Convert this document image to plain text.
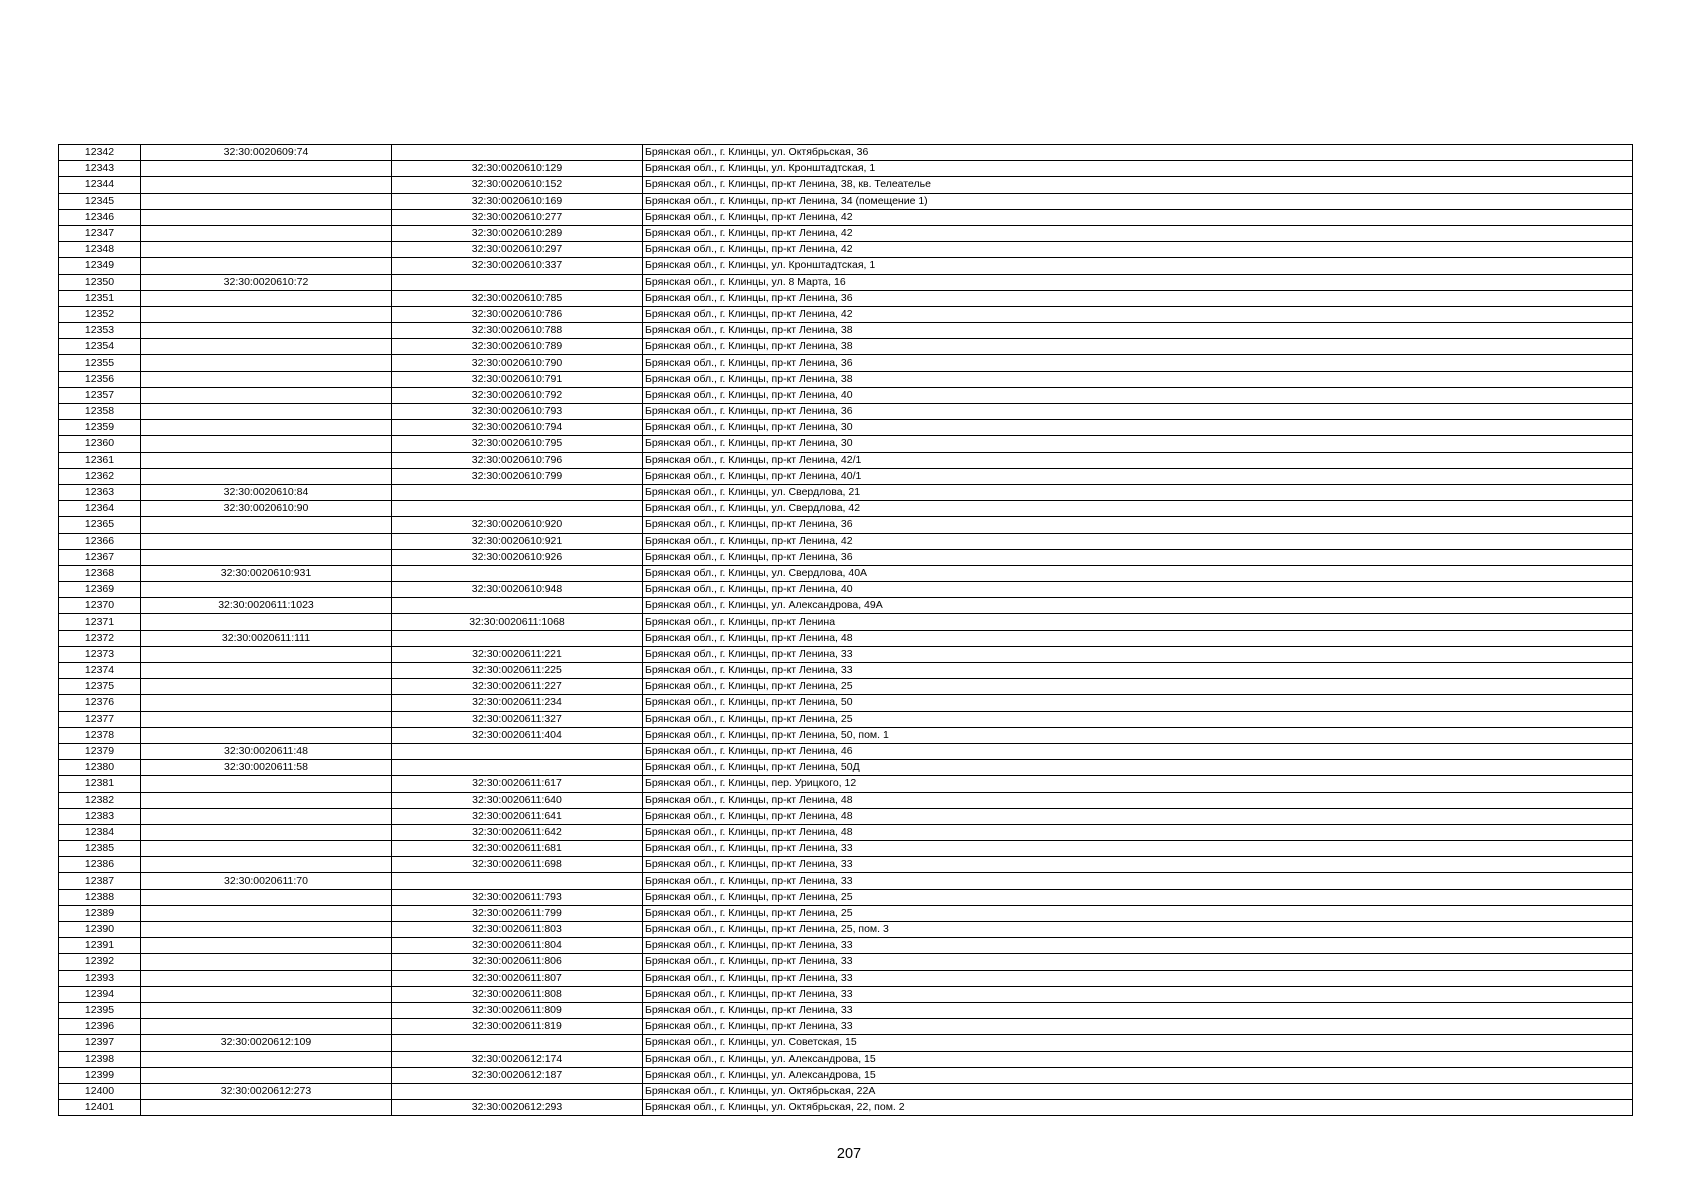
12342	32:30:0020609:74		Брянская обл., г. Клинцы, ул. Октябрьская, 36
12343		32:30:0020610:129	Брянская обл., г. Клинцы, ул. Кронштадтская, 1
12344		32:30:0020610:152	Брянская обл., г. Клинцы, пр-кт Ленина, 38, кв. Телеателье
12345		32:30:0020610:169	Брянская обл., г. Клинцы, пр-кт Ленина, 34 (помещение 1)
12346		32:30:0020610:277	Брянская обл., г. Клинцы, пр-кт Ленина, 42
12347		32:30:0020610:289	Брянская обл., г. Клинцы, пр-кт Ленина, 42
12348		32:30:0020610:297	Брянская обл., г. Клинцы, пр-кт Ленина, 42
12349		32:30:0020610:337	Брянская обл., г. Клинцы, ул. Кронштадтская, 1
12350	32:30:0020610:72		Брянская обл., г. Клинцы, ул. 8 Марта, 16
12351		32:30:0020610:785	Брянская обл., г. Клинцы, пр-кт Ленина, 36
12352		32:30:0020610:786	Брянская обл., г. Клинцы, пр-кт Ленина, 42
12353		32:30:0020610:788	Брянская обл., г. Клинцы, пр-кт Ленина, 38
12354		32:30:0020610:789	Брянская обл., г. Клинцы, пр-кт Ленина, 38
12355		32:30:0020610:790	Брянская обл., г. Клинцы, пр-кт Ленина, 36
12356		32:30:0020610:791	Брянская обл., г. Клинцы, пр-кт Ленина, 38
12357		32:30:0020610:792	Брянская обл., г. Клинцы, пр-кт Ленина, 40
12358		32:30:0020610:793	Брянская обл., г. Клинцы, пр-кт Ленина, 36
12359		32:30:0020610:794	Брянская обл., г. Клинцы, пр-кт Ленина, 30
12360		32:30:0020610:795	Брянская обл., г. Клинцы, пр-кт Ленина, 30
12361		32:30:0020610:796	Брянская обл., г. Клинцы, пр-кт Ленина, 42/1
12362		32:30:0020610:799	Брянская обл., г. Клинцы, пр-кт Ленина, 40/1
12363	32:30:0020610:84		Брянская обл., г. Клинцы, ул. Свердлова, 21
12364	32:30:0020610:90		Брянская обл., г. Клинцы, ул. Свердлова, 42
12365		32:30:0020610:920	Брянская обл., г. Клинцы, пр-кт Ленина, 36
12366		32:30:0020610:921	Брянская обл., г. Клинцы, пр-кт Ленина, 42
12367		32:30:0020610:926	Брянская обл., г. Клинцы, пр-кт Ленина, 36
12368	32:30:0020610:931		Брянская обл., г. Клинцы, ул. Свердлова, 40А
12369		32:30:0020610:948	Брянская обл., г. Клинцы, пр-кт Ленина, 40
12370	32:30:0020611:1023		Брянская обл., г. Клинцы, ул. Александрова, 49А
12371		32:30:0020611:1068	Брянская обл., г. Клинцы, пр-кт Ленина
12372	32:30:0020611:111		Брянская обл., г. Клинцы, пр-кт Ленина, 48
12373		32:30:0020611:221	Брянская обл., г. Клинцы, пр-кт Ленина, 33
12374		32:30:0020611:225	Брянская обл., г. Клинцы, пр-кт Ленина, 33
12375		32:30:0020611:227	Брянская обл., г. Клинцы, пр-кт Ленина, 25
12376		32:30:0020611:234	Брянская обл., г. Клинцы, пр-кт Ленина, 50
12377		32:30:0020611:327	Брянская обл., г. Клинцы, пр-кт Ленина, 25
12378		32:30:0020611:404	Брянская обл., г. Клинцы, пр-кт Ленина, 50, пом. 1
12379	32:30:0020611:48		Брянская обл., г. Клинцы, пр-кт Ленина, 46
12380	32:30:0020611:58		Брянская обл., г. Клинцы, пр-кт Ленина, 50Д
12381		32:30:0020611:617	Брянская обл., г. Клинцы, пер. Урицкого, 12
12382		32:30:0020611:640	Брянская обл., г. Клинцы, пр-кт Ленина, 48
12383		32:30:0020611:641	Брянская обл., г. Клинцы, пр-кт Ленина, 48
12384		32:30:0020611:642	Брянская обл., г. Клинцы, пр-кт Ленина, 48
12385		32:30:0020611:681	Брянская обл., г. Клинцы, пр-кт Ленина, 33
12386		32:30:0020611:698	Брянская обл., г. Клинцы, пр-кт Ленина, 33
12387	32:30:0020611:70		Брянская обл., г. Клинцы, пр-кт Ленина, 33
12388		32:30:0020611:793	Брянская обл., г. Клинцы, пр-кт Ленина, 25
12389		32:30:0020611:799	Брянская обл., г. Клинцы, пр-кт Ленина, 25
12390		32:30:0020611:803	Брянская обл., г. Клинцы, пр-кт Ленина, 25, пом. 3
12391		32:30:0020611:804	Брянская обл., г. Клинцы, пр-кт Ленина, 33
12392		32:30:0020611:806	Брянская обл., г. Клинцы, пр-кт Ленина, 33
12393		32:30:0020611:807	Брянская обл., г. Клинцы, пр-кт Ленина, 33
12394		32:30:0020611:808	Брянская обл., г. Клинцы, пр-кт Ленина, 33
12395		32:30:0020611:809	Брянская обл., г. Клинцы, пр-кт Ленина, 33
12396		32:30:0020611:819	Брянская обл., г. Клинцы, пр-кт Ленина, 33
12397	32:30:0020612:109		Брянская обл., г. Клинцы, ул. Советская, 15
12398		32:30:0020612:174	Брянская обл., г. Клинцы, ул. Александрова, 15
12399		32:30:0020612:187	Брянская обл., г. Клинцы, ул. Александрова, 15
12400	32:30:0020612:273		Брянская обл., г. Клинцы, ул. Октябрьская, 22А
12401		32:30:0020612:293	Брянская обл., г. Клинцы, ул. Октябрьская, 22, пом. 2
207
